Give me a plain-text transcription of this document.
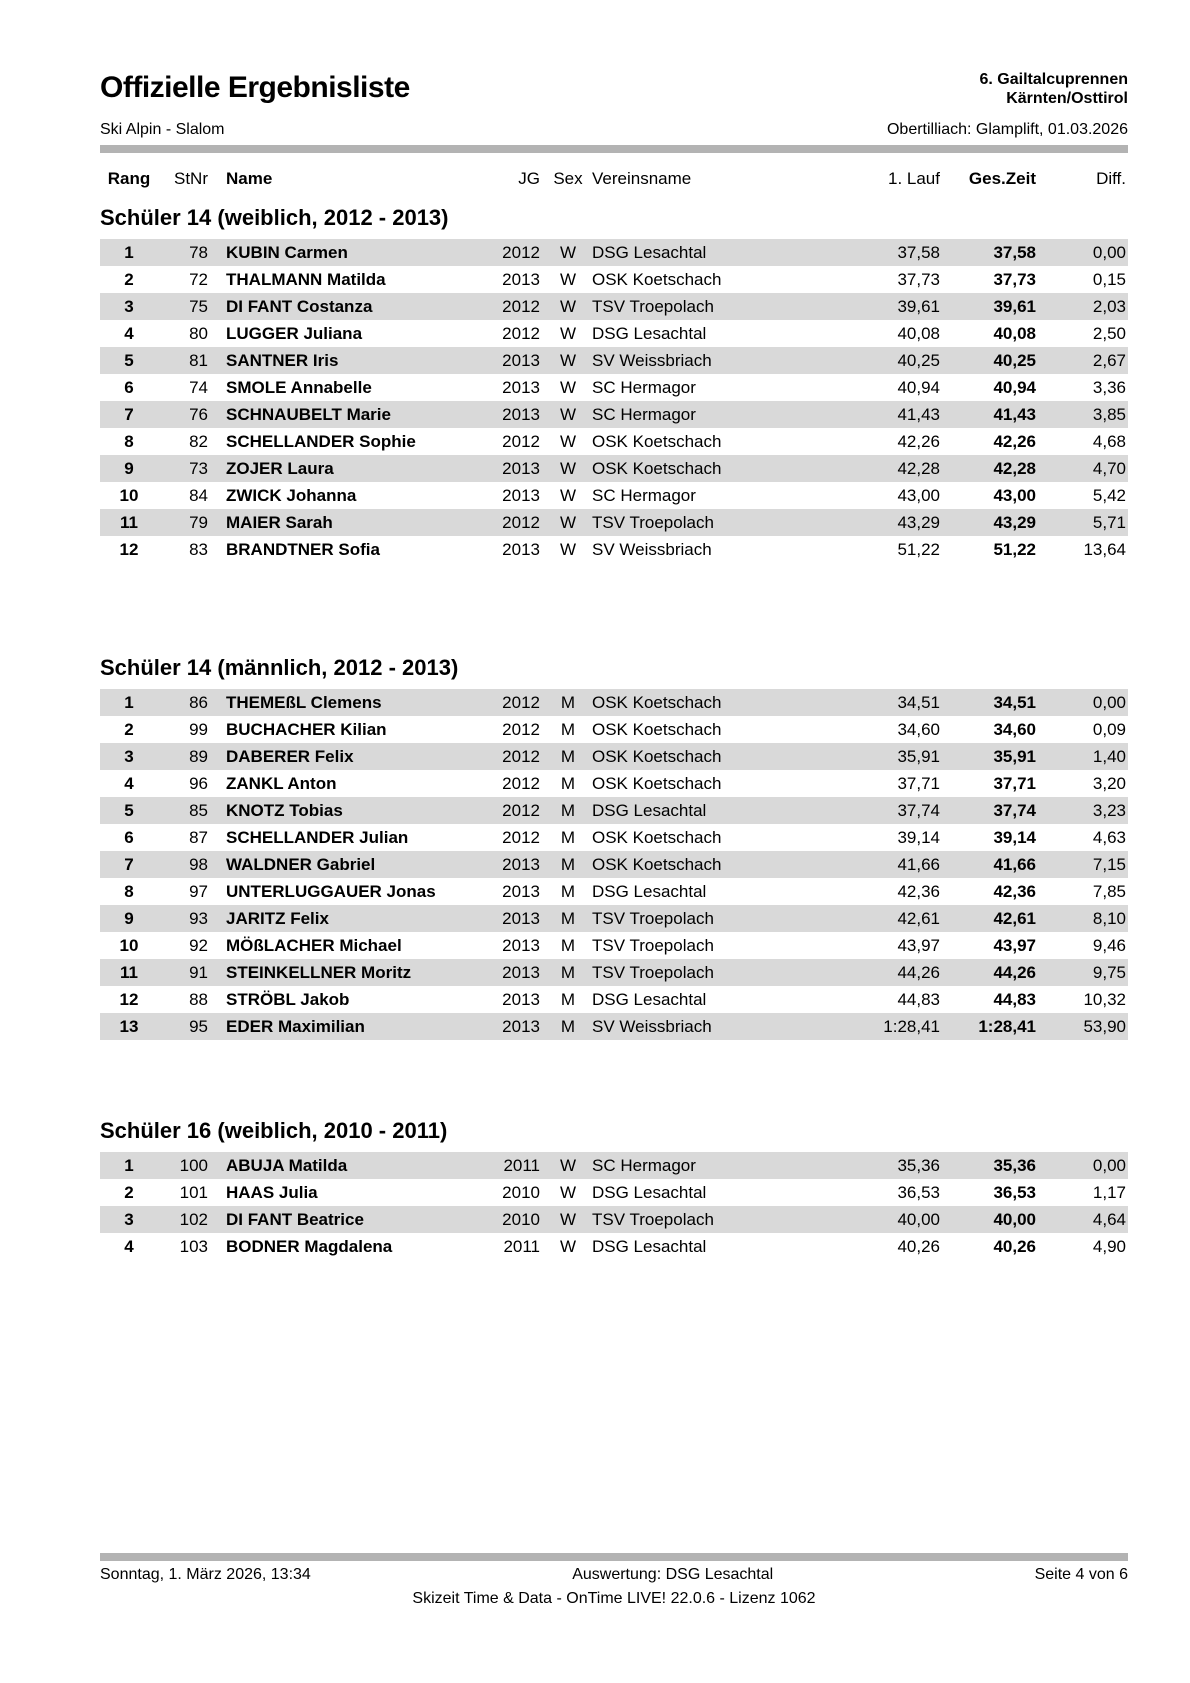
Offizielle Ergebnisliste
Ski Alpin - Slalom
6. Gailtalcuprennen
Kärnten/Osttirol
Obertilliach: Glamplift, 01.03.2026
Rang	StNr	Name	JG Sex Vereinsname	1. Lauf	Ges.Zeit	Diff.
Schüler 14 (weiblich, 2012 - 2013)
1	78	KUBIN Carmen	2012	W DSG Lesachtal	37,58	37,58	0,00
2	72	THALMANN Matilda	2013	W OSK Koetschach	37,73	37,73	0,15
3	75	DI FANT Costanza	2012	W TSV Troepolach	39,61	39,61	2,03
4	80	LUGGER Juliana	2012	W DSG Lesachtal	40,08	40,08	2,50
5	81	SANTNER Iris	2013	W SV Weissbriach	40,25	40,25	2,67
6	74	SMOLE Annabelle	2013	W SC Hermagor	40,94	40,94	3,36
7	76	SCHNAUBELT Marie	2013	W SC Hermagor	41,43	41,43	3,85
8	82	SCHELLANDER Sophie	2012	W OSK Koetschach	42,26	42,26	4,68
9	73	ZOJER Laura	2013	W OSK Koetschach	42,28	42,28	4,70
10	84	ZWICK Johanna	2013	W SC Hermagor	43,00	43,00	5,42
11	79	MAIER Sarah	2012	W TSV Troepolach	43,29	43,29	5,71
12	83	BRANDTNER Sofia	2013	W SV Weissbriach	51,22	51,22	13,64
Schüler 14 (männlich, 2012 - 2013)
1	86	THEMEßL Clemens	2012	M OSK Koetschach	34,51	34,51	0,00
2	99	BUCHACHER Kilian	2012	M OSK Koetschach	34,60	34,60	0,09
3	89	DABERER Felix	2012	M OSK Koetschach	35,91	35,91	1,40
4	96	ZANKL Anton	2012	M OSK Koetschach	37,71	37,71	3,20
5	85	KNOTZ Tobias	2012	M DSG Lesachtal	37,74	37,74	3,23
6	87	SCHELLANDER Julian	2012	M OSK Koetschach	39,14	39,14	4,63
7	98	WALDNER Gabriel	2013	M OSK Koetschach	41,66	41,66	7,15
8	97	UNTERLUGGAUER Jonas	2013	M DSG Lesachtal	42,36	42,36	7,85
9	93	JARITZ Felix	2013	M TSV Troepolach	42,61	42,61	8,10
10	92	MÖßLACHER Michael	2013	M TSV Troepolach	43,97	43,97	9,46
11	91	STEINKELLNER Moritz	2013	M TSV Troepolach	44,26	44,26	9,75
12	88	STRÖBL Jakob	2013	M DSG Lesachtal	44,83	44,83	10,32
13	95	EDER Maximilian	2013	M SV Weissbriach	1:28,41	1:28,41	53,90
Schüler 16 (weiblich, 2010 - 2011)
1	100	ABUJA Matilda	2011	W SC Hermagor	35,36	35,36	0,00
2	101	HAAS Julia	2010	W DSG Lesachtal	36,53	36,53	1,17
3	102	DI FANT Beatrice	2010	W TSV Troepolach	40,00	40,00	4,64
4	103	BODNER Magdalena	2011	W DSG Lesachtal	40,26	40,26	4,90
Sonntag, 1. März 2026, 13:34	Auswertung: DSG Lesachtal	Seite 4 von 6
Skizeit Time & Data - OnTime LIVE! 22.0.6 - Lizenz 1062
